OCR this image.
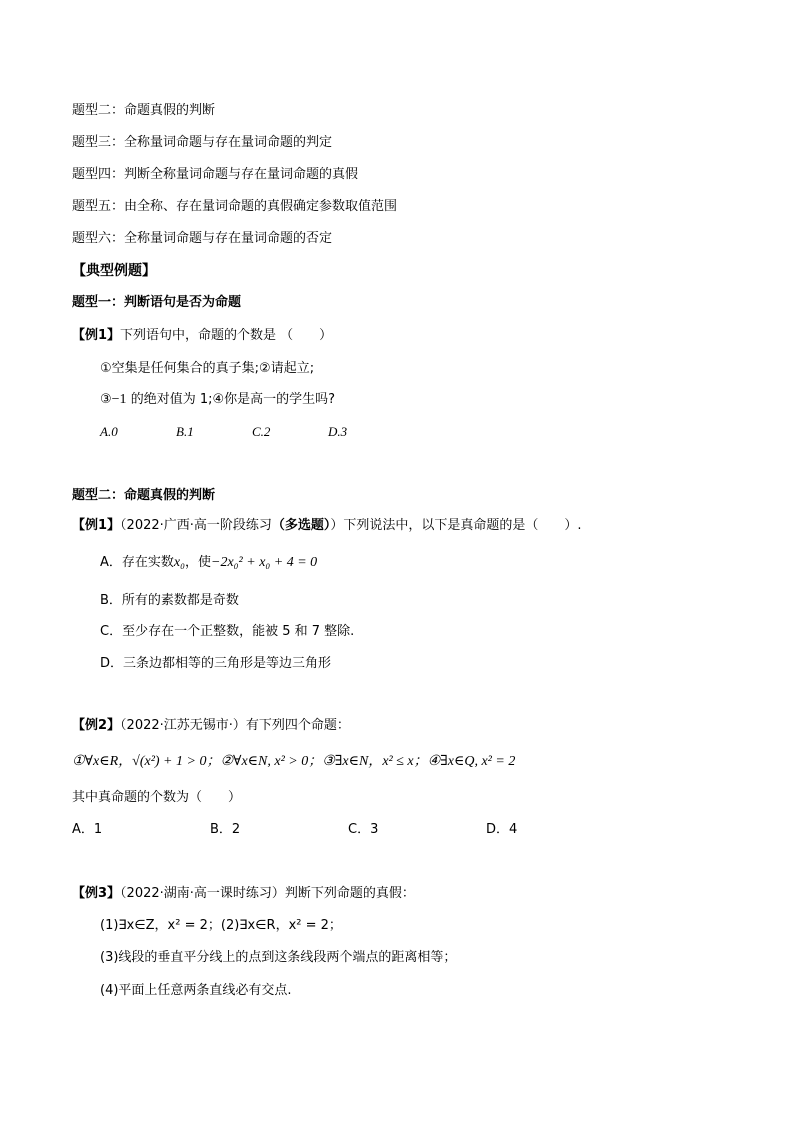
题型二：命题真假的判断
题型三：全称量词命题与存在量词命题的判定
题型四：判断全称量词命题与存在量词命题的真假
题型五：由全称、存在量词命题的真假确定参数取值范围
题型六：全称量词命题与存在量词命题的否定
【典型例题】
题型一：判断语句是否为命题
【例1】下列语句中，命题的个数是 （　　）
①空集是任何集合的真子集;②请起立;
③−1 的绝对值为 1;④你是高一的学生吗?
A.0	B.1	C.2	D.3
题型二：命题真假的判断
【例1】（2022·广西·高一阶段练习（多选题））下列说法中，以下是真命题的是（　　）.
A．存在实数x₀，使−2x₀² + x₀ + 4 = 0
B．所有的素数都是奇数
C．至少存在一个正整数，能被 5 和 7 整除.
D．三条边都相等的三角形是等边三角形
【例2】（2022·江苏无锡市·）有下列四个命题：
①∀x∈R，√(x²) + 1 > 0；②∀x∈N, x² > 0；③∃x∈N，x² ≤ x；④∃x∈Q, x² = 2
其中真命题的个数为（　　）
A．1	B．2	C．3	D．4
【例3】（2022·湖南·高一课时练习）判断下列命题的真假：
(1)∃x∈Z，x² = 2；(2)∃x∈R，x² = 2；
(3)线段的垂直平分线上的点到这条线段两个端点的距离相等；
(4)平面上任意两条直线必有交点.
